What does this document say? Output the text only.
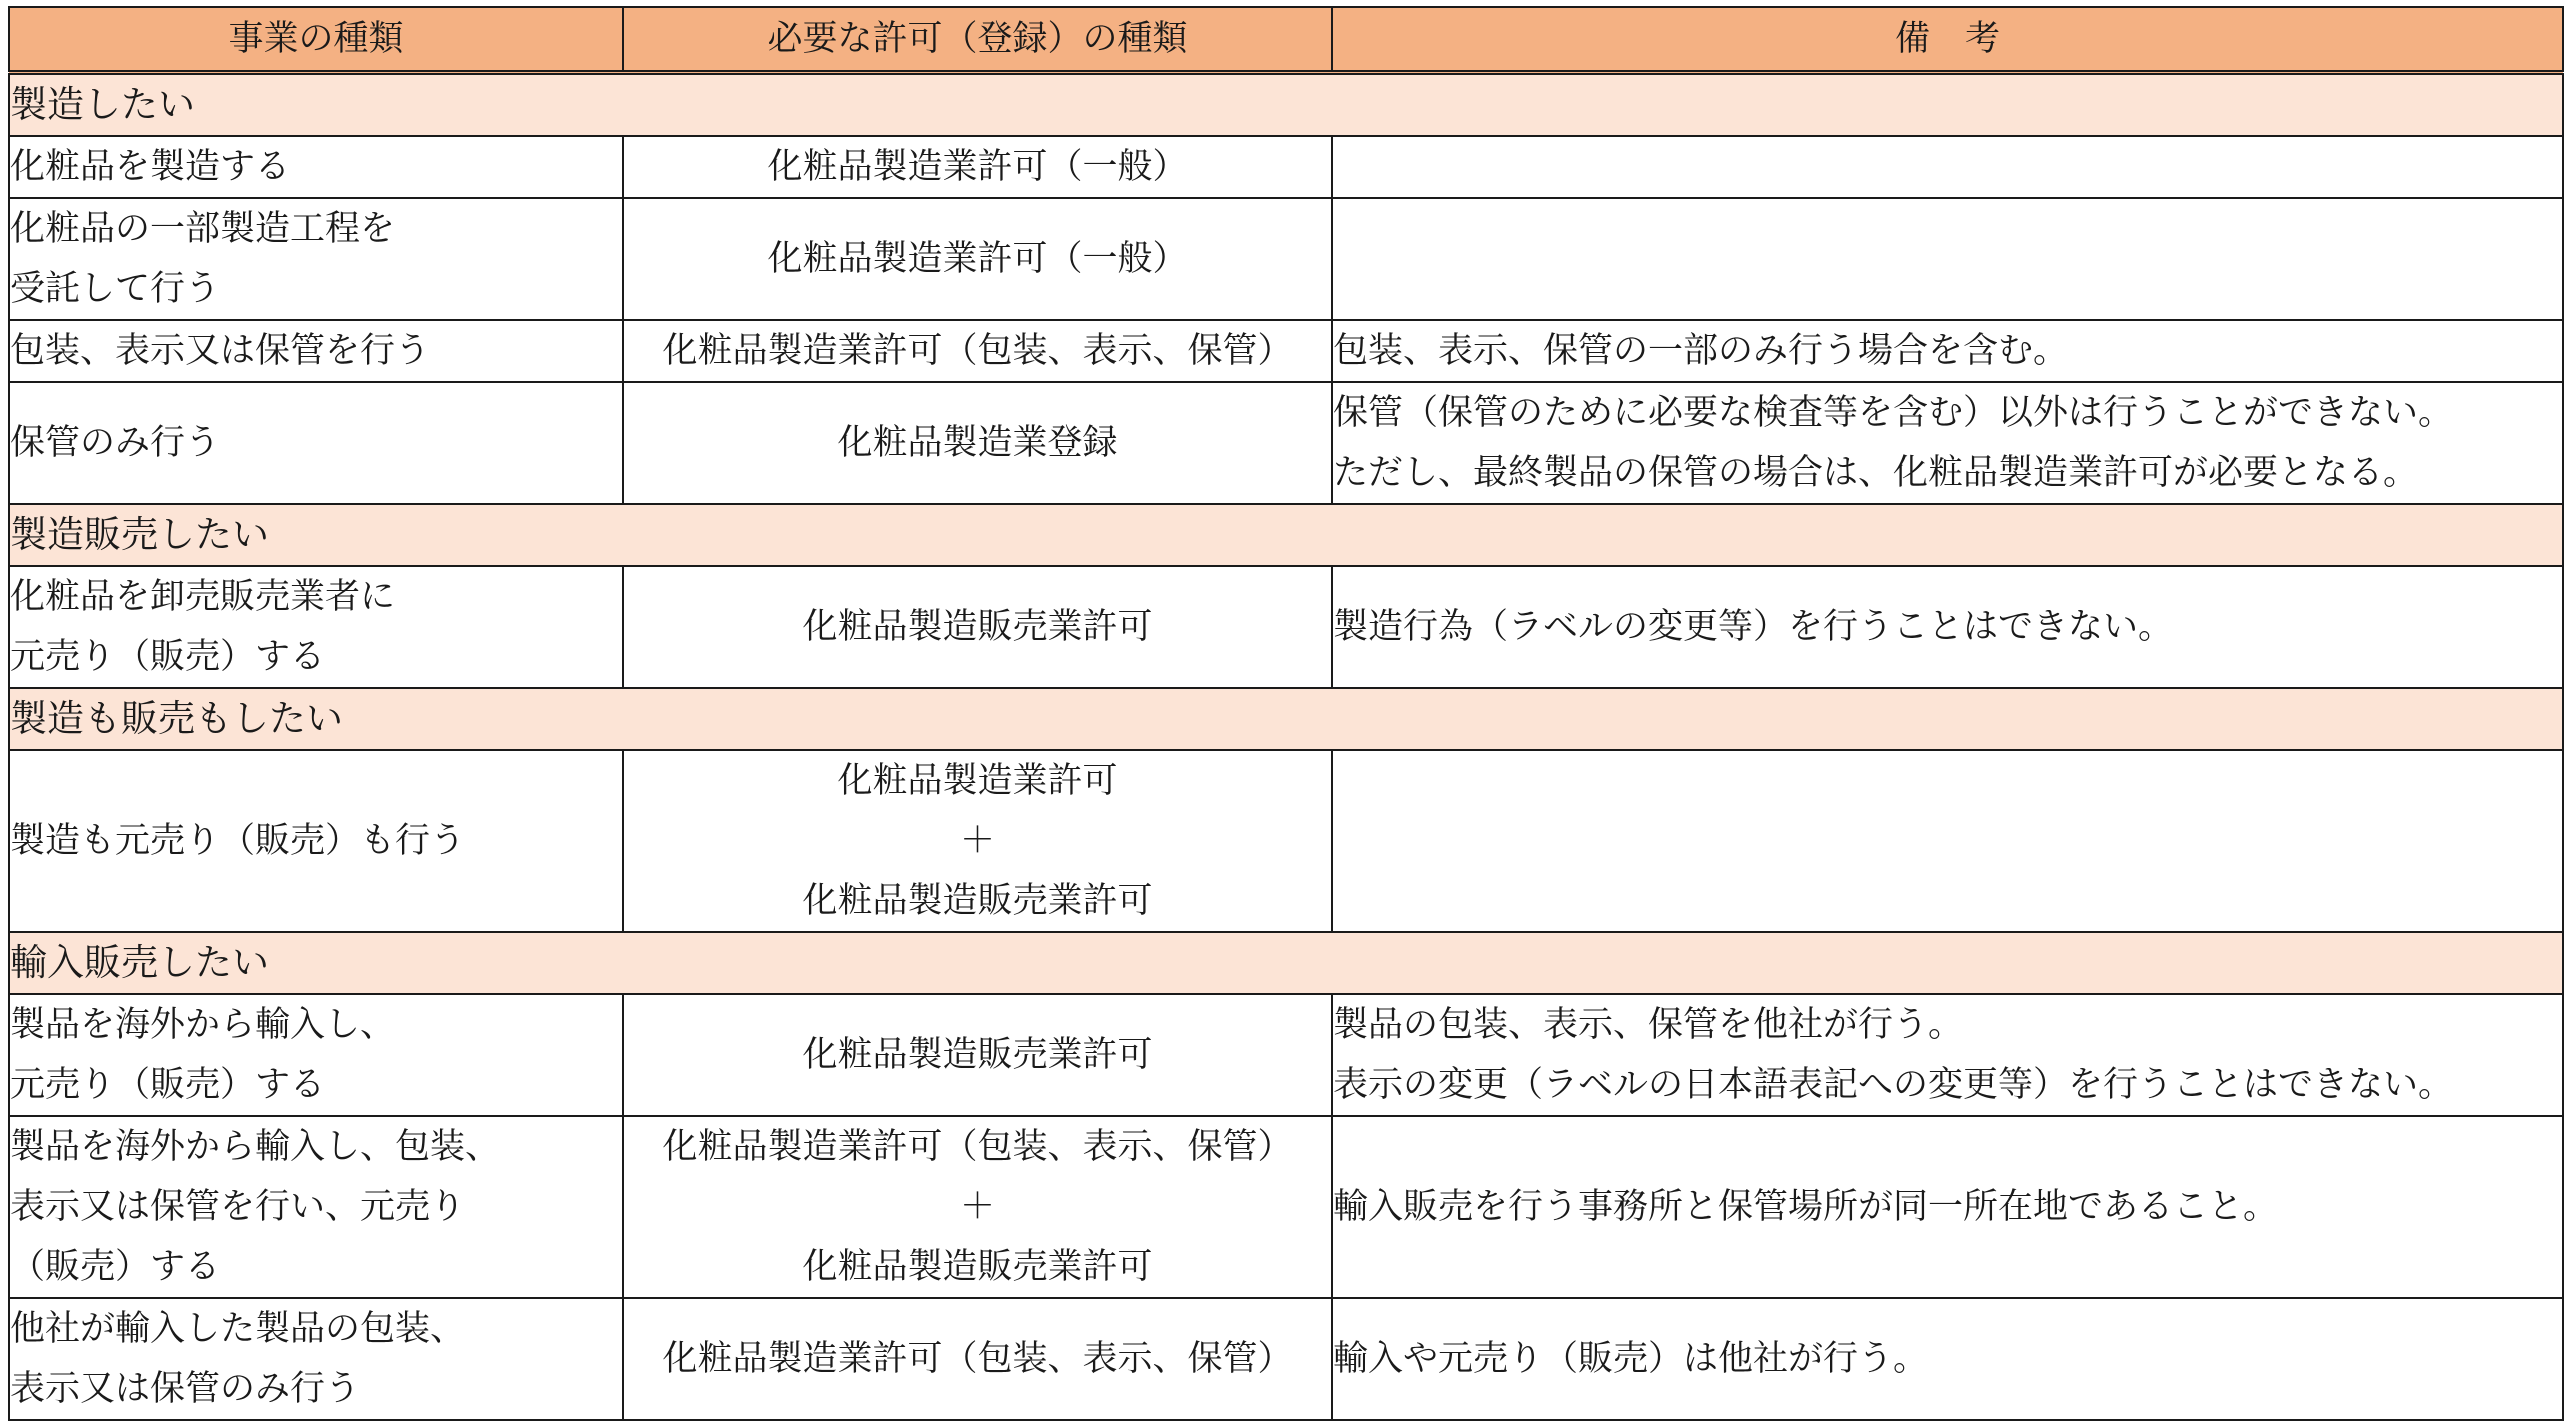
事業の種類	必要な許可（登録）の種類	備　考
製造したい		

化粧品を製造する	化粧品製造業許可（一般）	

化粧品の一部製造工程を
受託して行う	化粧品製造業許可（一般）	

包装、表示又は保管を行う	化粧品製造業許可（包装、表示、保管）	包装、表示、保管の一部のみ行う場合を含む。

保管のみ行う	化粧品製造業登録	保管（保管のために必要な検査等を含む）以外は行うことができない。
ただし、最終製品の保管の場合は、化粧品製造業許可が必要となる。

製造販売したい		

化粧品を卸売販売業者に
元売り（販売）する	化粧品製造販売業許可	製造行為（ラベルの変更等）を行うことはできない。

製造も販売もしたい		

製造も元売り（販売）も行う	化粧品製造業許可
＋
化粧品製造販売業許可	

輸入販売したい		

製品を海外から輸入し、
元売り（販売）する	化粧品製造販売業許可	製品の包装、表示、保管を他社が行う。
表示の変更（ラベルの日本語表記への変更等）を行うことはできない。

製品を海外から輸入し、包装、
表示又は保管を行い、元売り
（販売）する	化粧品製造業許可（包装、表示、保管）
＋
化粧品製造販売業許可	輸入販売を行う事務所と保管場所が同一所在地であること。

他社が輸入した製品の包装、
表示又は保管のみ行う	化粧品製造業許可（包装、表示、保管）	輸入や元売り（販売）は他社が行う。
